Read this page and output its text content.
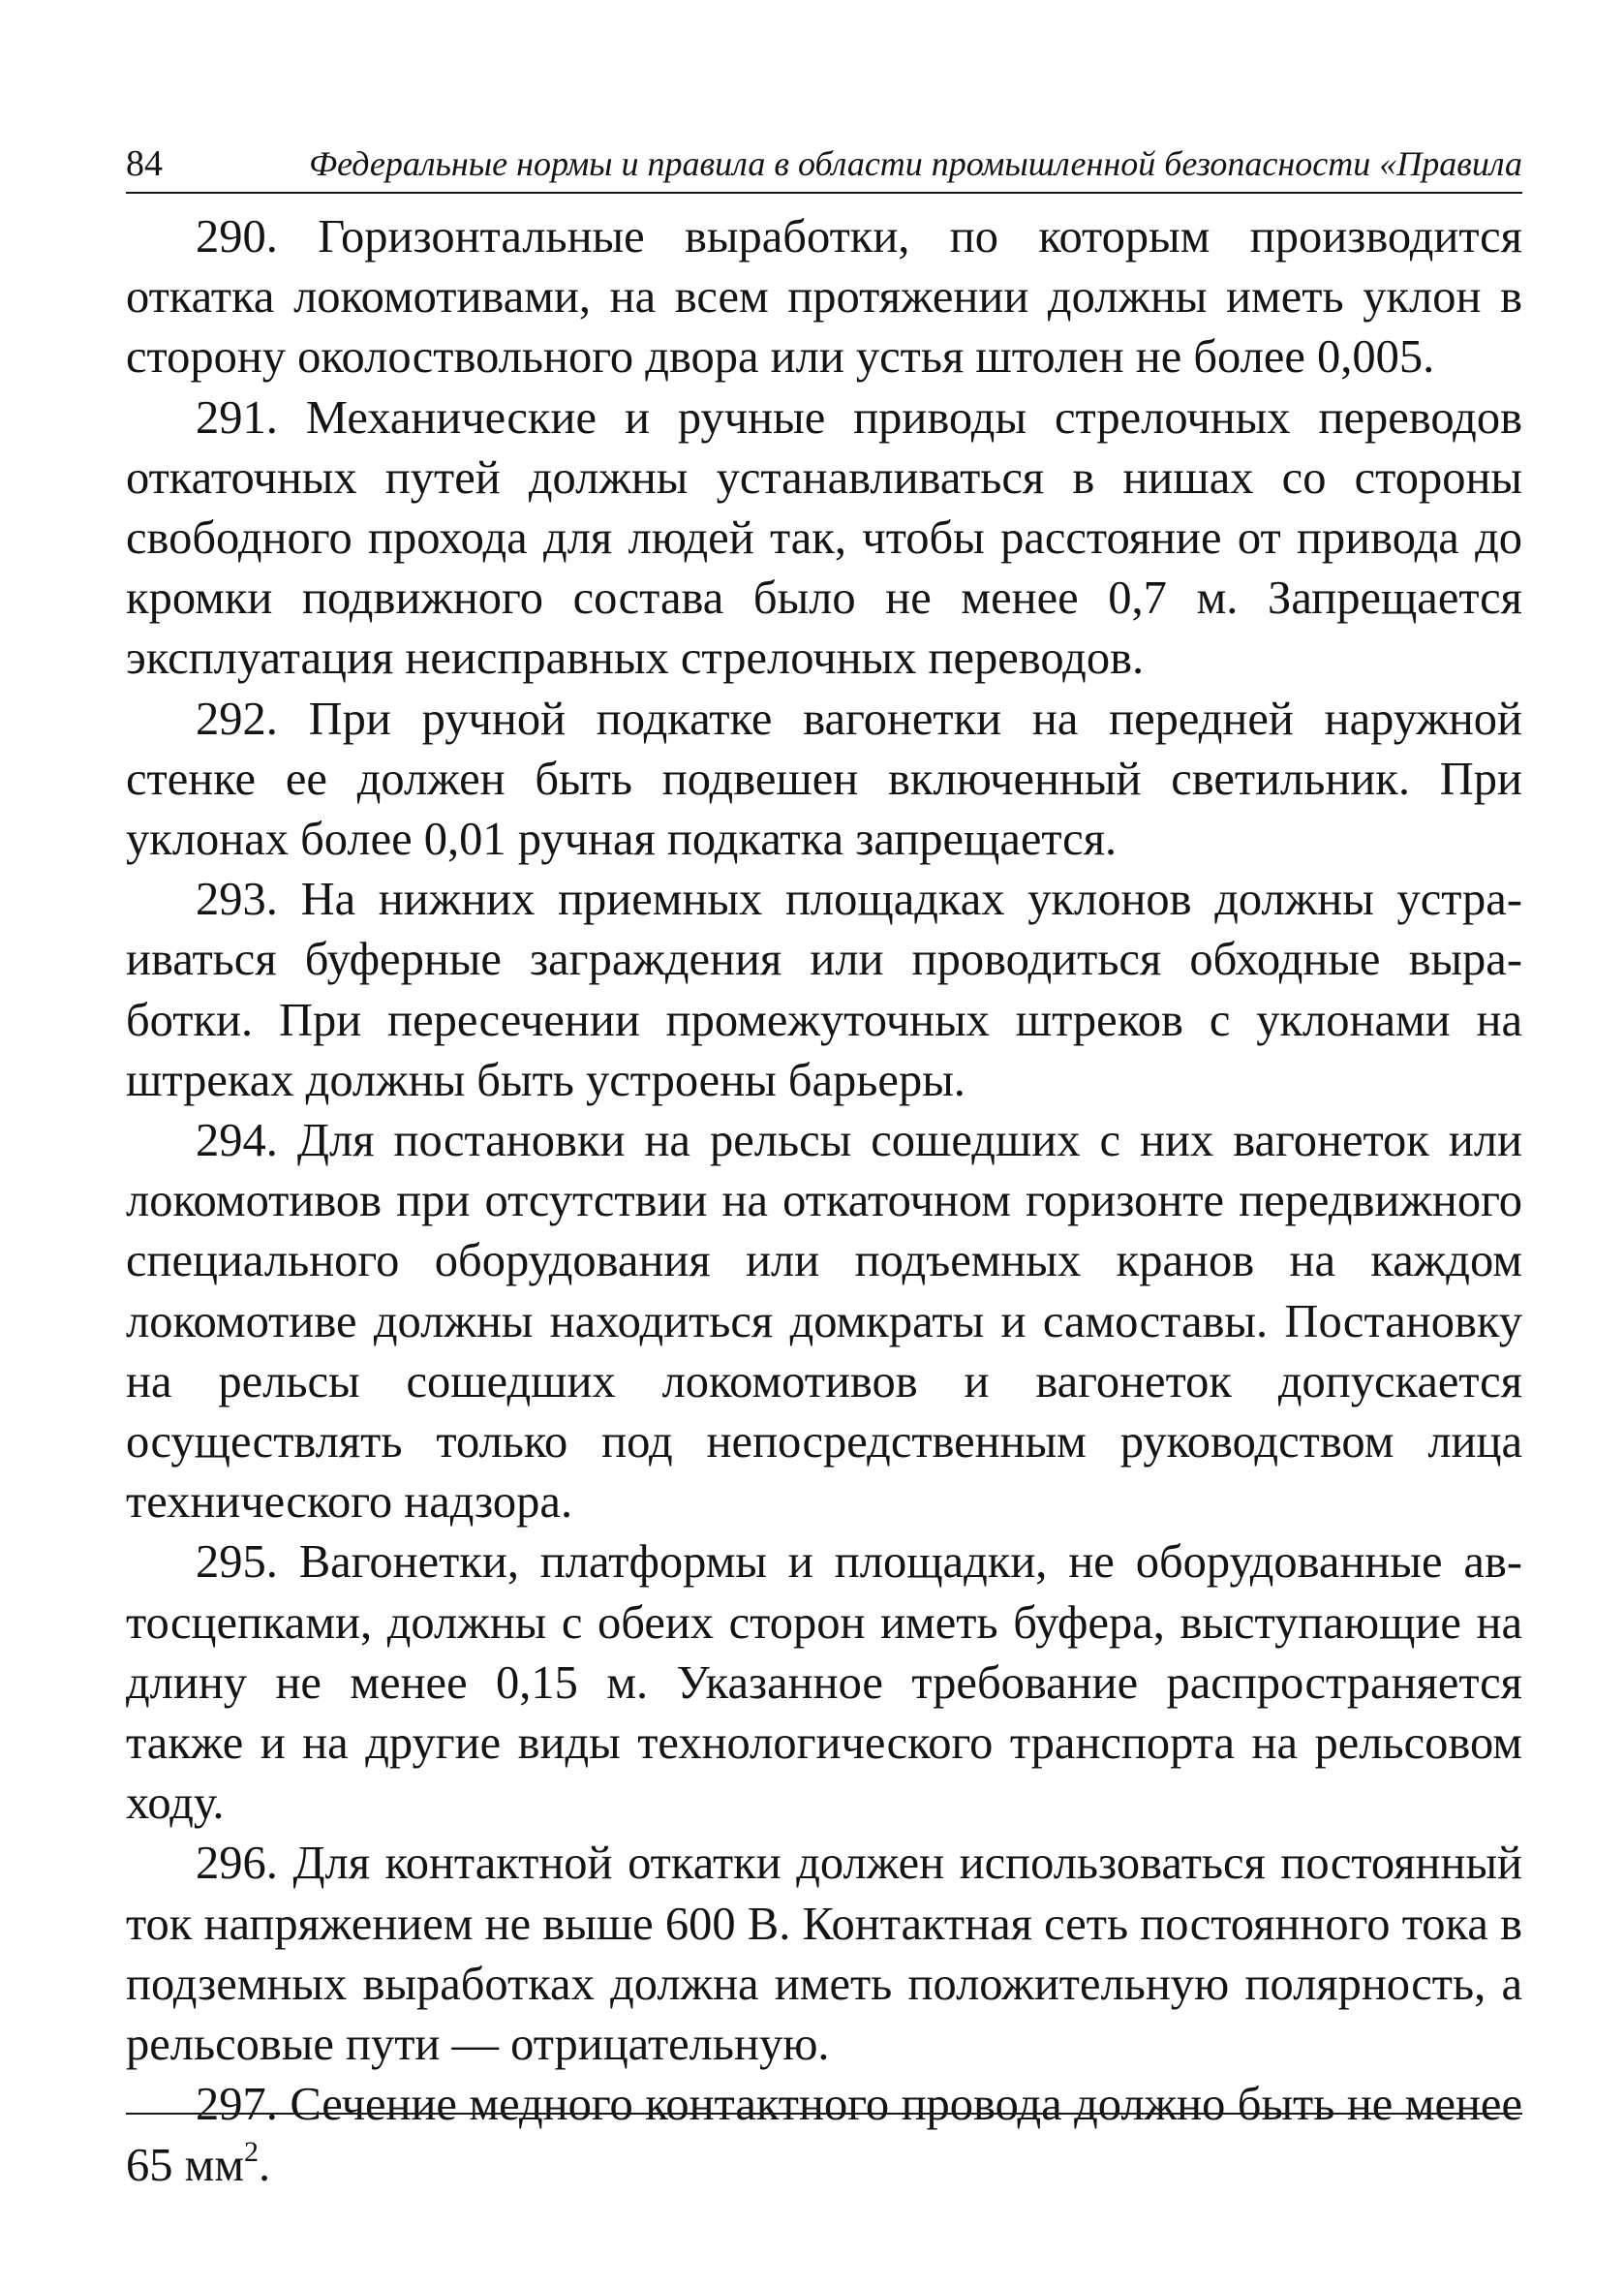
84	Федеральные нормы и правила в области промышленной безопасности «Правила

290. Горизонтальные выработки, по которым производится откатка локомотивами, на всем протяжении должны иметь уклон в сторону околоствольного двора или устья штолен не более 0,005.

291. Механические и ручные приводы стрелочных переводов откаточных путей должны устанавливаться в нишах со стороны свободного прохода для людей так, чтобы расстояние от привода до кромки подвижного состава было не менее 0,7 м. Запрещается эксплуатация неисправных стрелочных переводов.

292. При ручной подкатке вагонетки на передней наружной стенке ее должен быть подвешен включенный светильник. При уклонах более 0,01 ручная подкатка запрещается.

293. На нижних приемных площадках уклонов должны устраиваться буферные заграждения или проводиться обходные выработки. При пересечении промежуточных штреков с уклонами на штреках должны быть устроены барьеры.

294. Для постановки на рельсы сошедших с них вагонеток или локомотивов при отсутствии на откаточном горизонте передвижного специального оборудования или подъемных кранов на каждом локомотиве должны находиться домкраты и самоставы. Постановку на рельсы сошедших локомотивов и вагонеток допускается осуществлять только под непосредственным руководством лица технического надзора.

295. Вагонетки, платформы и площадки, не оборудованные автосцепками, должны с обеих сторон иметь буфера, выступающие на длину не менее 0,15 м. Указанное требование распространяется также и на другие виды технологического транспорта на рельсовом ходу.

296. Для контактной откатки должен использоваться постоянный ток напряжением не выше 600 В. Контактная сеть постоянного тока в подземных выработках должна иметь положительную полярность, а рельсовые пути — отрицательную.

297. Сечение медного контактного провода должно быть не менее 65 $мм^2$.
